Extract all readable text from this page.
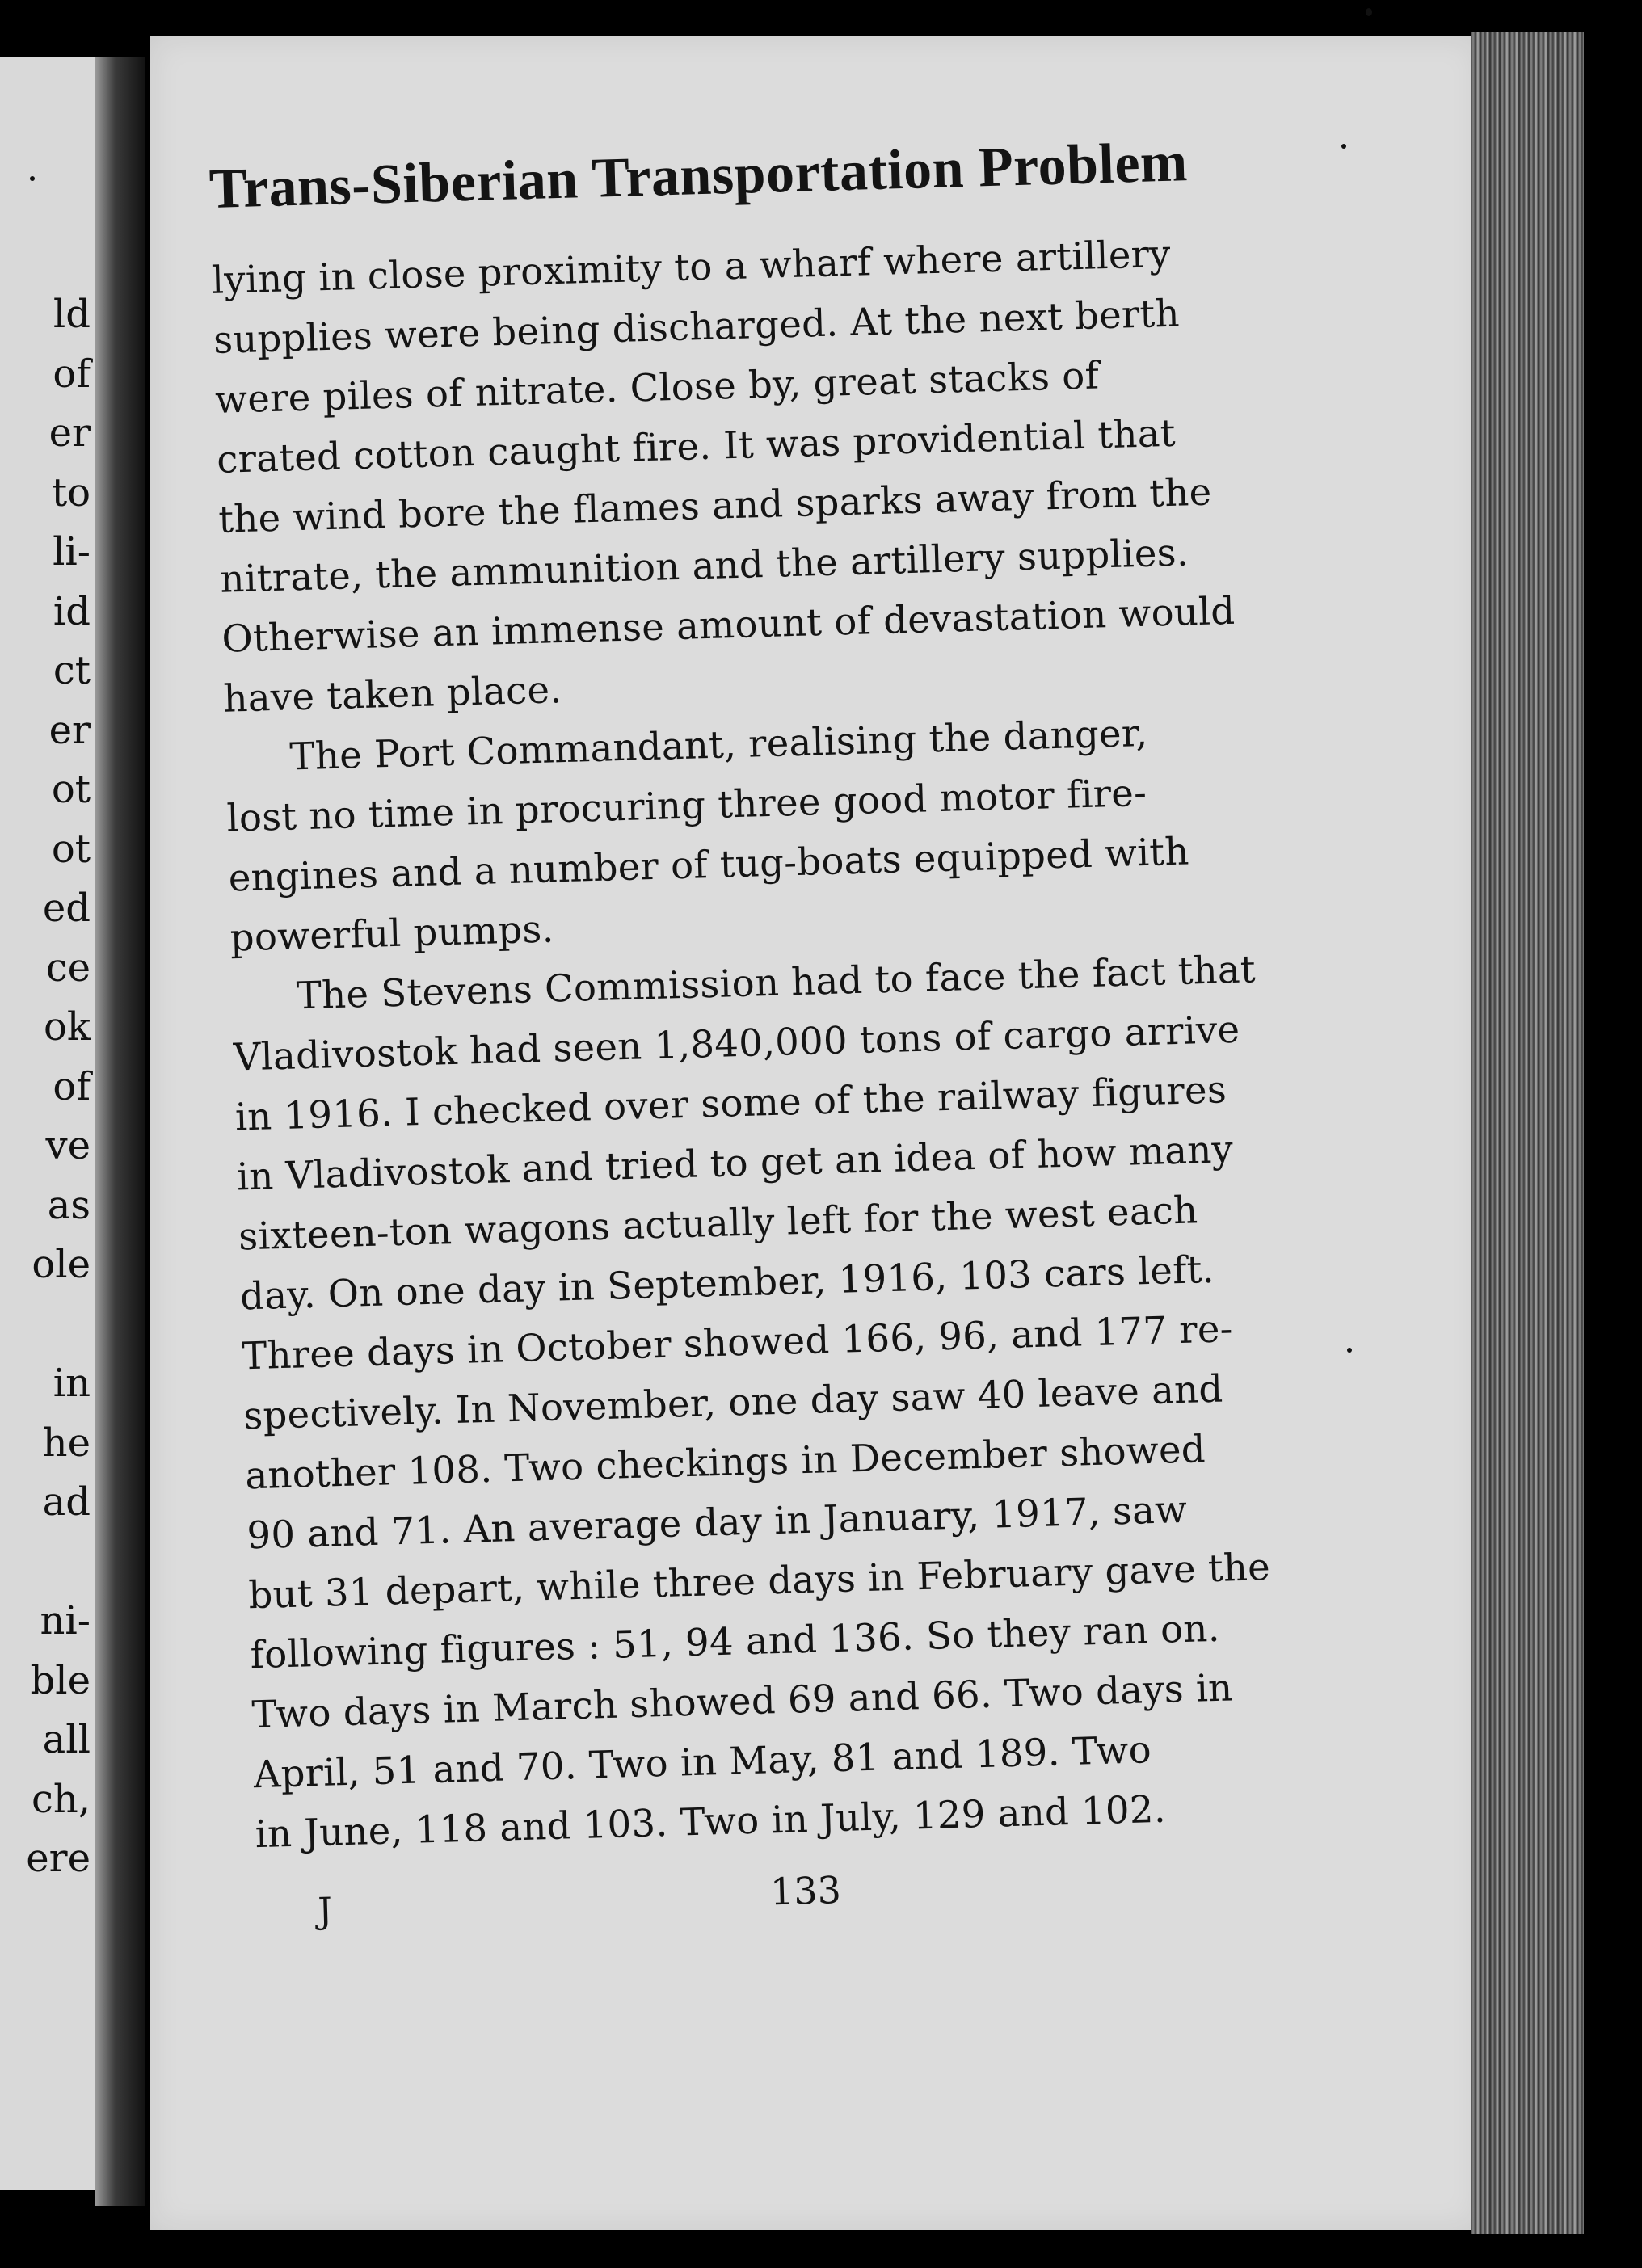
ld
of
er
to
li-
id
ct
er
ot
ot
ed
ce
ok
of
ve
as
ole
in
he
ad
ni-
ble
all
ch,
ere
Trans-Siberian Transportation Problem
lying in close proximity to a wharf where artillery
supplies were being discharged. At the next berth
were piles of nitrate. Close by, great stacks of
crated cotton caught fire. It was providential that
the wind bore the flames and sparks away from the
nitrate, the ammunition and the artillery supplies.
Otherwise an immense amount of devastation would
have taken place.
The Port Commandant, realising the danger,
lost no time in procuring three good motor fire-
engines and a number of tug-boats equipped with
powerful pumps.
The Stevens Commission had to face the fact that
Vladivostok had seen 1,840,000 tons of cargo arrive
in 1916. I checked over some of the railway figures
in Vladivostok and tried to get an idea of how many
sixteen-ton wagons actually left for the west each
day. On one day in September, 1916, 103 cars left.
Three days in October showed 166, 96, and 177 re-
spectively. In November, one day saw 40 leave and
another 108. Two checkings in December showed
90 and 71. An average day in January, 1917, saw
but 31 depart, while three days in February gave the
following figures : 51, 94 and 136. So they ran on.
Two days in March showed 69 and 66. Two days in
April, 51 and 70. Two in May, 81 and 189. Two
in June, 118 and 103. Two in July, 129 and 102.
J	133
